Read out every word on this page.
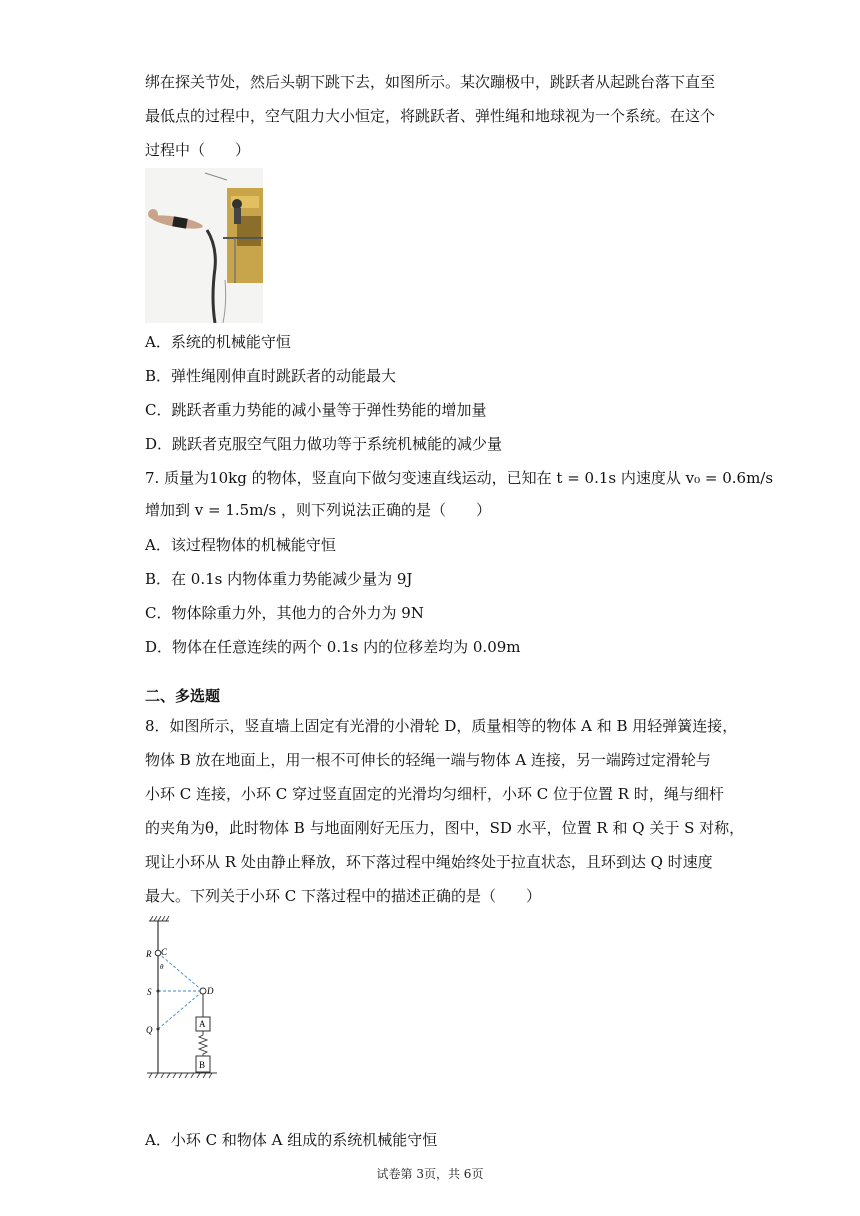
绑在探关节处，然后头朝下跳下去，如图所示。某次蹦极中，跳跃者从起跳台落下直至
最低点的过程中，空气阻力大小恒定，将跳跃者、弹性绳和地球视为一个系统。在这个
过程中（　　）
A．系统的机械能守恒
B．弹性绳刚伸直时跳跃者的动能最大
C．跳跃者重力势能的减小量等于弹性势能的增加量
D．跳跃者克服空气阻力做功等于系统机械能的减少量
7. 质量为10kg 的物体，竖直向下做匀变速直线运动，已知在 t = 0.1s 内速度从 v₀ = 0.6m/s
增加到 v = 1.5m/s ，则下列说法正确的是（　　）
A．该过程物体的机械能守恒
B．在 0.1s 内物体重力势能减少量为 9J
C．物体除重力外，其他力的合外力为 9N
D．物体在任意连续的两个 0.1s 内的位移差均为 0.09m
二、多选题
8．如图所示，竖直墙上固定有光滑的小滑轮 D，质量相等的物体 A 和 B 用轻弹簧连接，
物体 B 放在地面上，用一根不可伸长的轻绳一端与物体 A 连接，另一端跨过定滑轮与
小环 C 连接，小环 C 穿过竖直固定的光滑均匀细杆，小环 C 位于位置 R 时，绳与细杆
的夹角为θ，此时物体 B 与地面刚好无压力，图中，SD 水平，位置 R 和 Q 关于 S 对称，
现让小环从 R 处由静止释放，环下落过程中绳始终处于拉直状态，且环到达 Q 时速度
最大。下列关于小环 C 下落过程中的描述正确的是（　　）
R C
θ
S	D
Q
A
B
A．小环 C 和物体 A 组成的系统机械能守恒
试卷第 3页，共 6页
